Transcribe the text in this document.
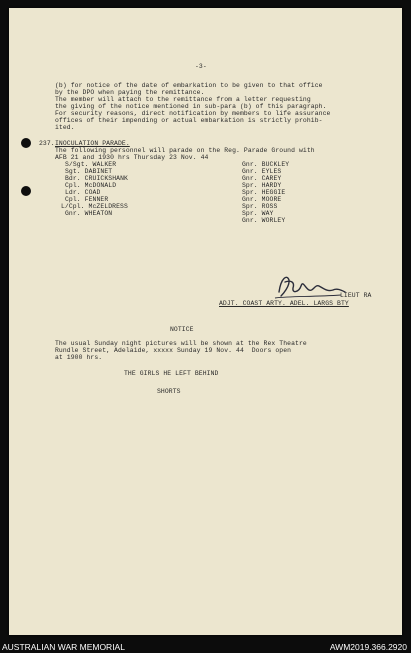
-3-
(b) for notice of the date of embarkation to be given to that office
by the DPO when paying the remittance.
The member will attach to the remittance from a letter requesting
the giving of the notice mentioned in sub-para (b) of this paragraph.
For security reasons, direct notification by members to life assurance
offices of their impending or actual embarkation is strictly prohib-
ited.
237. INOCULATION PARADE.
The following personnel will parade on the Reg. Parade Ground with
AFB 21 and 1930 hrs Thursday 23 Nov. 44
S/Sgt. WALKER
Sgt. DABINET
Bdr. CRUICKSHANK
Cpl. McDONALD
Ldr. COAD
Cpl. FENNER
L/Cpl. McZELDRESS
Gnr. WHEATON
Gnr. BUCKLEY
Gnr. EYLES
Gnr. CAREY
Spr. HARDY
Spr. HEGGIE
Gnr. MOORE
Spr. ROSS
Spr. WAY
Gnr. WORLEY
LIEUT RA
ADJT. COAST ARTY. ADEL. LARGS BTY
NOTICE
The usual Sunday night pictures will be shown at the Rex Theatre
Rundle Street, Adelaide, xxxxx Sunday 19 Nov. 44  Doors open
at 1900 hrs.
THE GIRLS HE LEFT BEHIND
SHORTS
AUSTRALIAN WAR MEMORIAL	AWM2019.366.2920
